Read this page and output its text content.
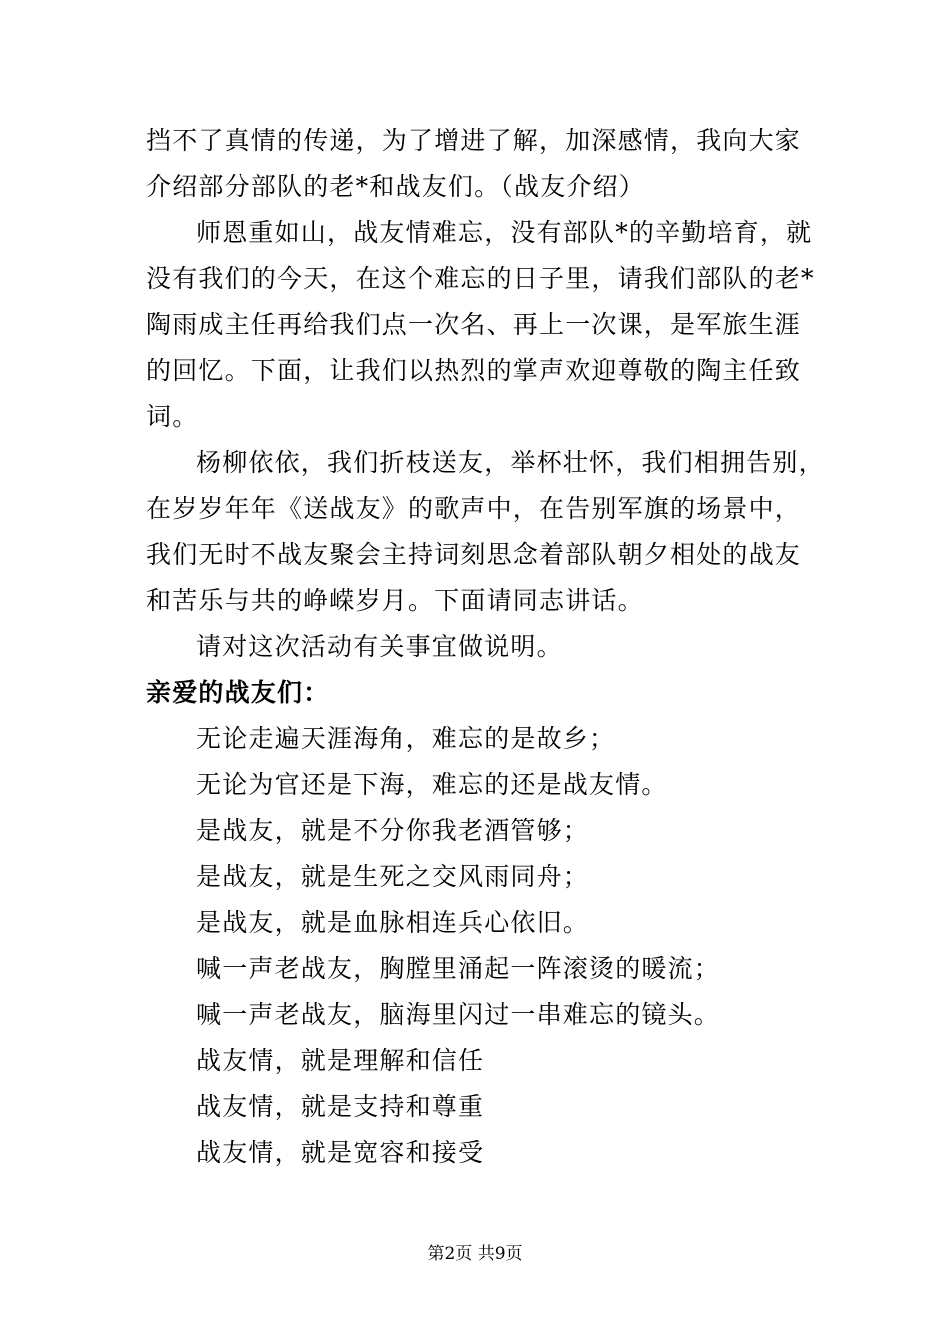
挡不了真情的传递，为了增进了解，加深感情，我向大家
介绍部分部队的老*和战友们。（战友介绍）
师恩重如山，战友情难忘，没有部队*的辛勤培育，就
没有我们的今天，在这个难忘的日子里，请我们部队的老*
陶雨成主任再给我们点一次名、再上一次课，是军旅生涯
的回忆。下面，让我们以热烈的掌声欢迎尊敬的陶主任致
词。
杨柳依依，我们折枝送友，举杯壮怀，我们相拥告别，
在岁岁年年《送战友》的歌声中，在告别军旗的场景中，
我们无时不战友聚会主持词刻思念着部队朝夕相处的战友
和苦乐与共的峥嵘岁月。下面请同志讲话。
请对这次活动有关事宜做说明。
亲爱的战友们：
无论走遍天涯海角，难忘的是故乡；
无论为官还是下海，难忘的还是战友情。
是战友，就是不分你我老酒管够；
是战友，就是生死之交风雨同舟；
是战友，就是血脉相连兵心依旧。
喊一声老战友，胸膛里涌起一阵滚烫的暖流；
喊一声老战友，脑海里闪过一串难忘的镜头。
战友情，就是理解和信任
战友情，就是支持和尊重
战友情，就是宽容和接受
第2页 共9页
